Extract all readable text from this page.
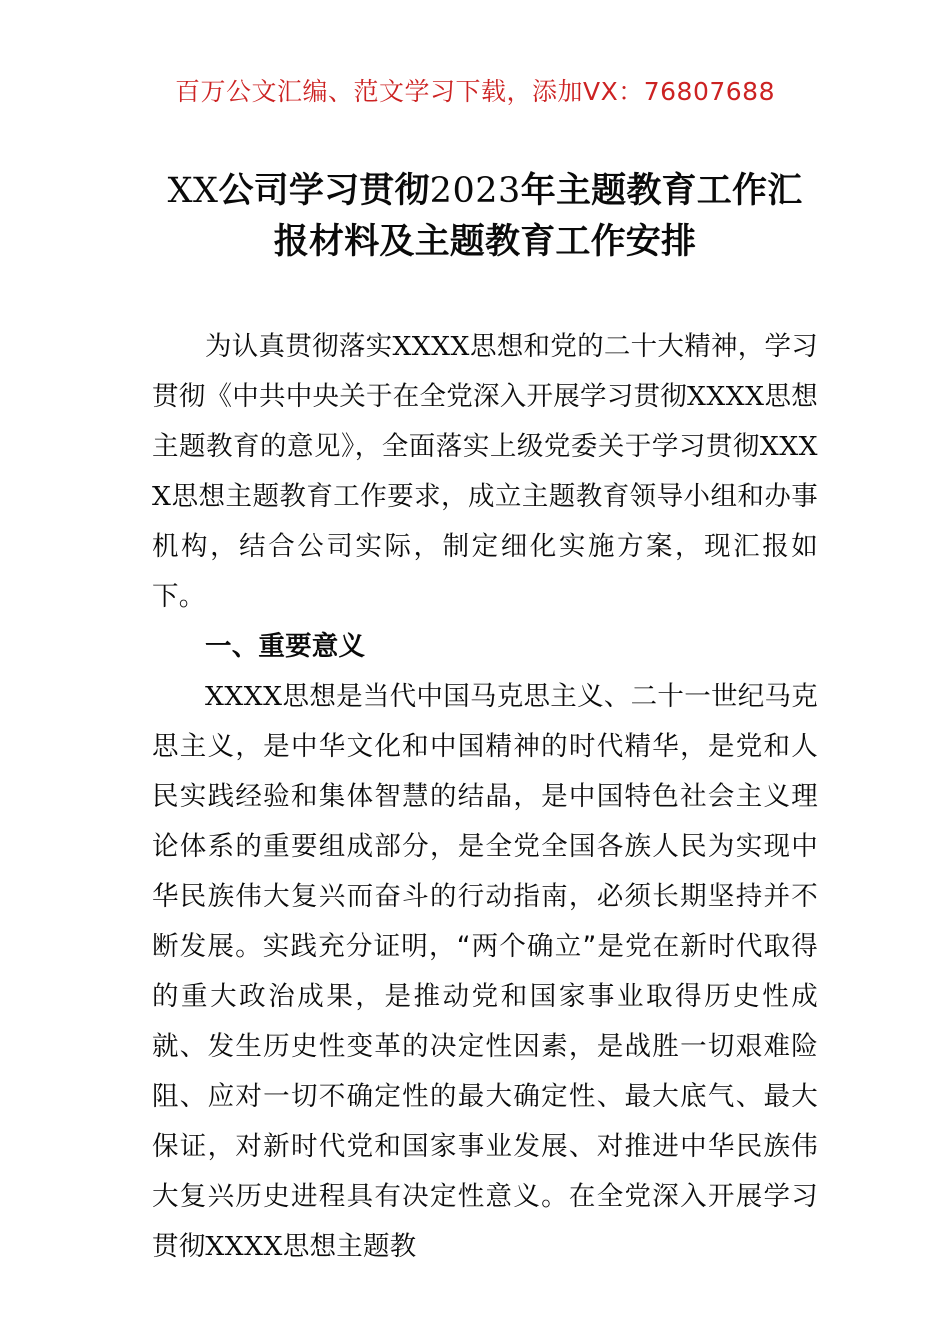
百万公文汇编、范文学习下载，添加VX：76807688
XX公司学习贯彻2023年主题教育工作汇报材料及主题教育工作安排

为认真贯彻落实XXXX思想和党的二十大精神，学习贯彻《中共中央关于在全党深入开展学习贯彻XXXX思想主题教育的意见》，全面落实上级党委关于学习贯彻XXXX思想主题教育工作要求，成立主题教育领导小组和办事机构，结合公司实际，制定细化实施方案，现汇报如下。

一、重要意义

XXXX思想是当代中国马克思主义、二十一世纪马克思主义，是中华文化和中国精神的时代精华，是党和人民实践经验和集体智慧的结晶，是中国特色社会主义理论体系的重要组成部分，是全党全国各族人民为实现中华民族伟大复兴而奋斗的行动指南，必须长期坚持并不断发展。实践充分证明，“两个确立”是党在新时代取得的重大政治成果，是推动党和国家事业取得历史性成就、发生历史性变革的决定性因素，是战胜一切艰难险阻、应对一切不确定性的最大确定性、最大底气、最大保证，对新时代党和国家事业发展、对推进中华民族伟大复兴历史进程具有决定性意义。在全党深入开展学习贯彻XXXX思想主题教
